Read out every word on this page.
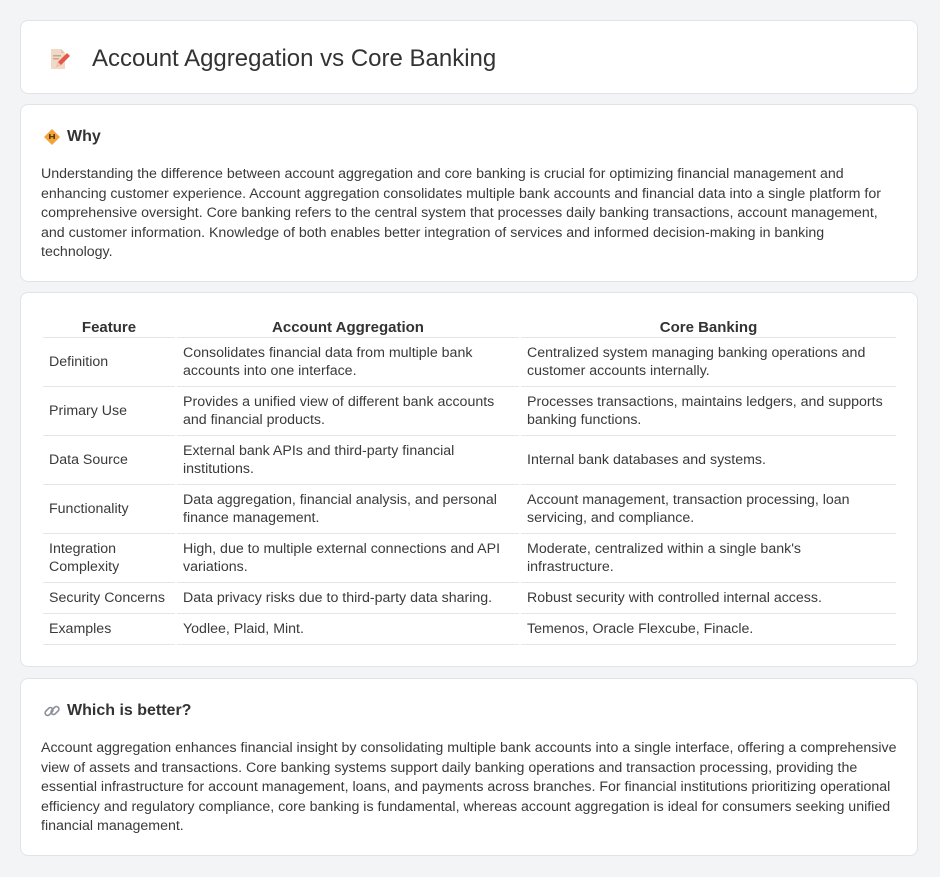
Account Aggregation vs Core Banking
Why

Understanding the difference between account aggregation and core banking is crucial for optimizing financial management and enhancing customer experience. Account aggregation consolidates multiple bank accounts and financial data into a single platform for comprehensive oversight. Core banking refers to the central system that processes daily banking transactions, account management, and customer information. Knowledge of both enables better integration of services and informed decision-making in banking technology.

Feature	Account Aggregation	Core Banking
Definition	Consolidates financial data from multiple bank accounts into one interface.	Centralized system managing banking operations and customer accounts internally.
Primary Use	Provides a unified view of different bank accounts and financial products.	Processes transactions, maintains ledgers, and supports banking functions.
Data Source	External bank APIs and third-party financial institutions.	Internal bank databases and systems.
Functionality	Data aggregation, financial analysis, and personal finance management.	Account management, transaction processing, loan servicing, and compliance.
Integration Complexity	High, due to multiple external connections and API variations.	Moderate, centralized within a single bank's infrastructure.
Security Concerns	Data privacy risks due to third-party data sharing.	Robust security with controlled internal access.
Examples	Yodlee, Plaid, Mint.	Temenos, Oracle Flexcube, Finacle.
Which is better?

Account aggregation enhances financial insight by consolidating multiple bank accounts into a single interface, offering a comprehensive view of assets and transactions. Core banking systems support daily banking operations and transaction processing, providing the essential infrastructure for account management, loans, and payments across branches. For financial institutions prioritizing operational efficiency and regulatory compliance, core banking is fundamental, whereas account aggregation is ideal for consumers seeking unified financial management.
